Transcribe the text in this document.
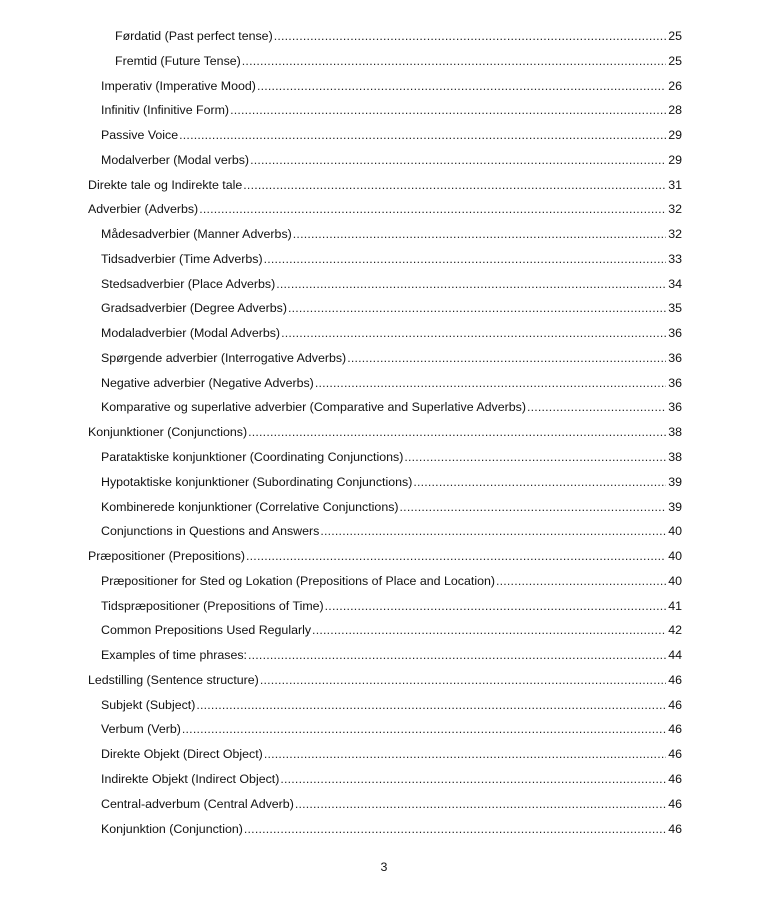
Førdatid (Past perfect tense) .....	25
Fremtid (Future Tense) .....	25
Imperativ (Imperative Mood) .....	26
Infinitiv (Infinitive Form) .....	28
Passive Voice .....	29
Modalverber (Modal verbs) .....	29
Direkte tale og Indirekte tale .....	31
Adverbier (Adverbs) .....	32
Mådesadverbier (Manner Adverbs) .....	32
Tidsadverbier (Time Adverbs) .....	33
Stedsadverbier (Place Adverbs) .....	34
Gradsadverbier (Degree Adverbs) .....	35
Modaladverbier (Modal Adverbs) .....	36
Spørgende adverbier (Interrogative Adverbs) .....	36
Negative adverbier (Negative Adverbs) .....	36
Komparative og superlative adverbier (Comparative and Superlative Adverbs) .....	36
Konjunktioner (Conjunctions) .....	38
Parataktiske konjunktioner (Coordinating Conjunctions) .....	38
Hypotaktiske konjunktioner (Subordinating Conjunctions) .....	39
Kombinerede konjunktioner (Correlative Conjunctions) .....	39
Conjunctions in Questions and Answers .....	40
Præpositioner (Prepositions) .....	40
Præpositioner for Sted og Lokation (Prepositions of Place and Location) .....	40
Tidspræpositioner (Prepositions of Time) .....	41
Common Prepositions Used Regularly .....	42
Examples of time phrases: .....	44
Ledstilling (Sentence structure) .....	46
Subjekt (Subject) .....	46
Verbum (Verb) .....	46
Direkte Objekt (Direct Object) .....	46
Indirekte Objekt (Indirect Object) .....	46
Central-adverbum (Central Adverb) .....	46
Konjunktion (Conjunction) .....	46
3
